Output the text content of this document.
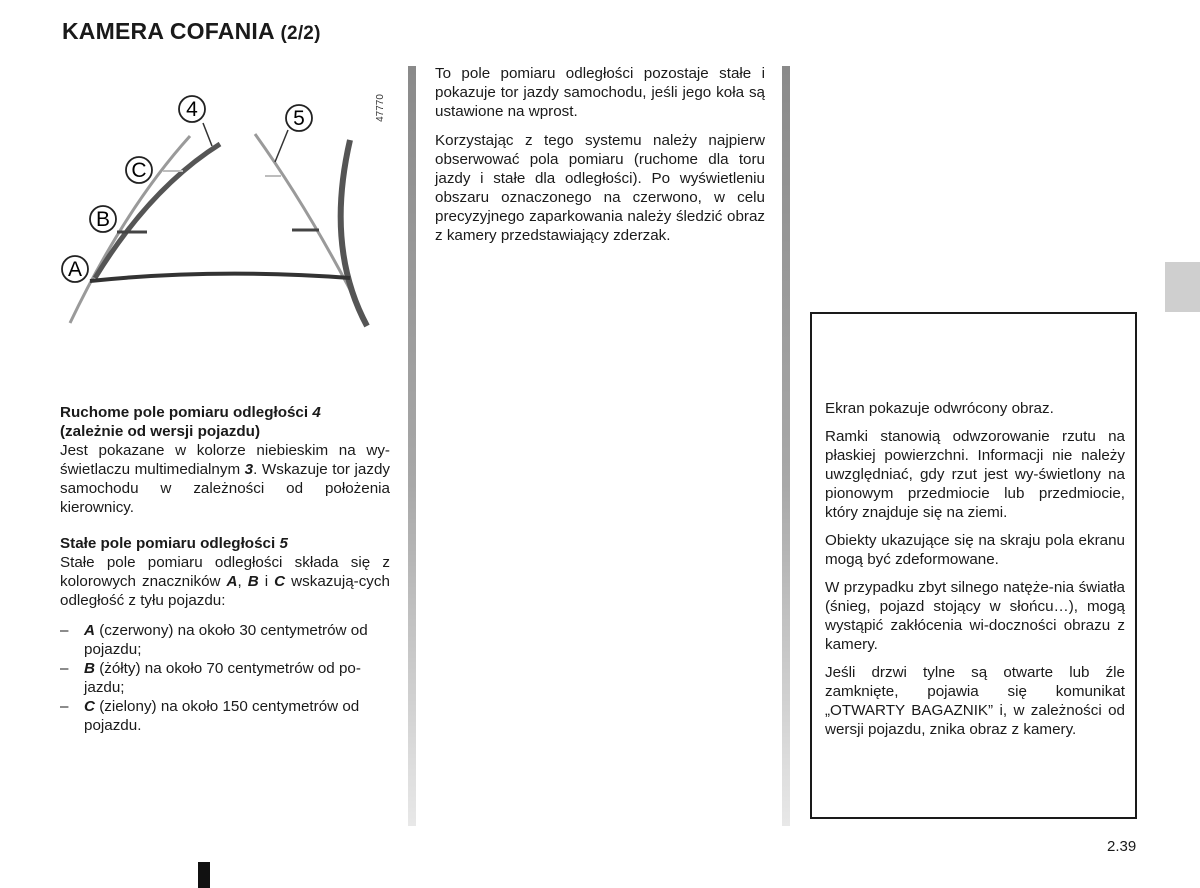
KAMERA COFANIA (2/2)
4	5
C
B
A
47770

Ruchome pole pomiaru odległości 4
(zależnie od wersji pojazdu)
Jest pokazane w kolorze niebieskim na wy-świetlaczu multimedialnym 3. Wskazuje tor jazdy samochodu w zależności od położenia kierownicy.

Stałe pole pomiaru odległości 5
Stałe pole pomiaru odległości składa się z kolorowych znaczników A, B i C wskazują-cych odległość z tyłu pojazdu:

– A (czerwony) na około 30 centymetrów od pojazdu;
– B (żółty) na około 70 centymetrów od po-jazdu;
– C (zielony) na około 150 centymetrów od pojazdu.

To pole pomiaru odległości pozostaje stałe i pokazuje tor jazdy samochodu, jeśli jego koła są ustawione na wprost.

Korzystając z tego systemu należy najpierw obserwować pola pomiaru (ruchome dla toru jazdy i stałe dla odległości). Po wyświetleniu obszaru oznaczonego na czerwono, w celu precyzyjnego zaparkowania należy śledzić obraz z kamery przedstawiający zderzak.

Ekran pokazuje odwrócony obraz.

Ramki stanowią odwzorowanie rzutu na płaskiej powierzchni. Informacji nie należy uwzględniać, gdy rzut jest wy-świetlony na pionowym przedmiocie lub przedmiocie, który znajduje się na ziemi.

Obiekty ukazujące się na skraju pola ekranu mogą być zdeformowane.

W przypadku zbyt silnego natęże-nia światła (śnieg, pojazd stojący w słońcu…), mogą wystąpić zakłócenia wi-doczności obrazu z kamery.

Jeśli drzwi tylne są otwarte lub źle zamknięte, pojawia się komunikat „OTWARTY BAGAZNIK” i, w zależności od wersji pojazdu, znika obraz z kamery.

2.39
